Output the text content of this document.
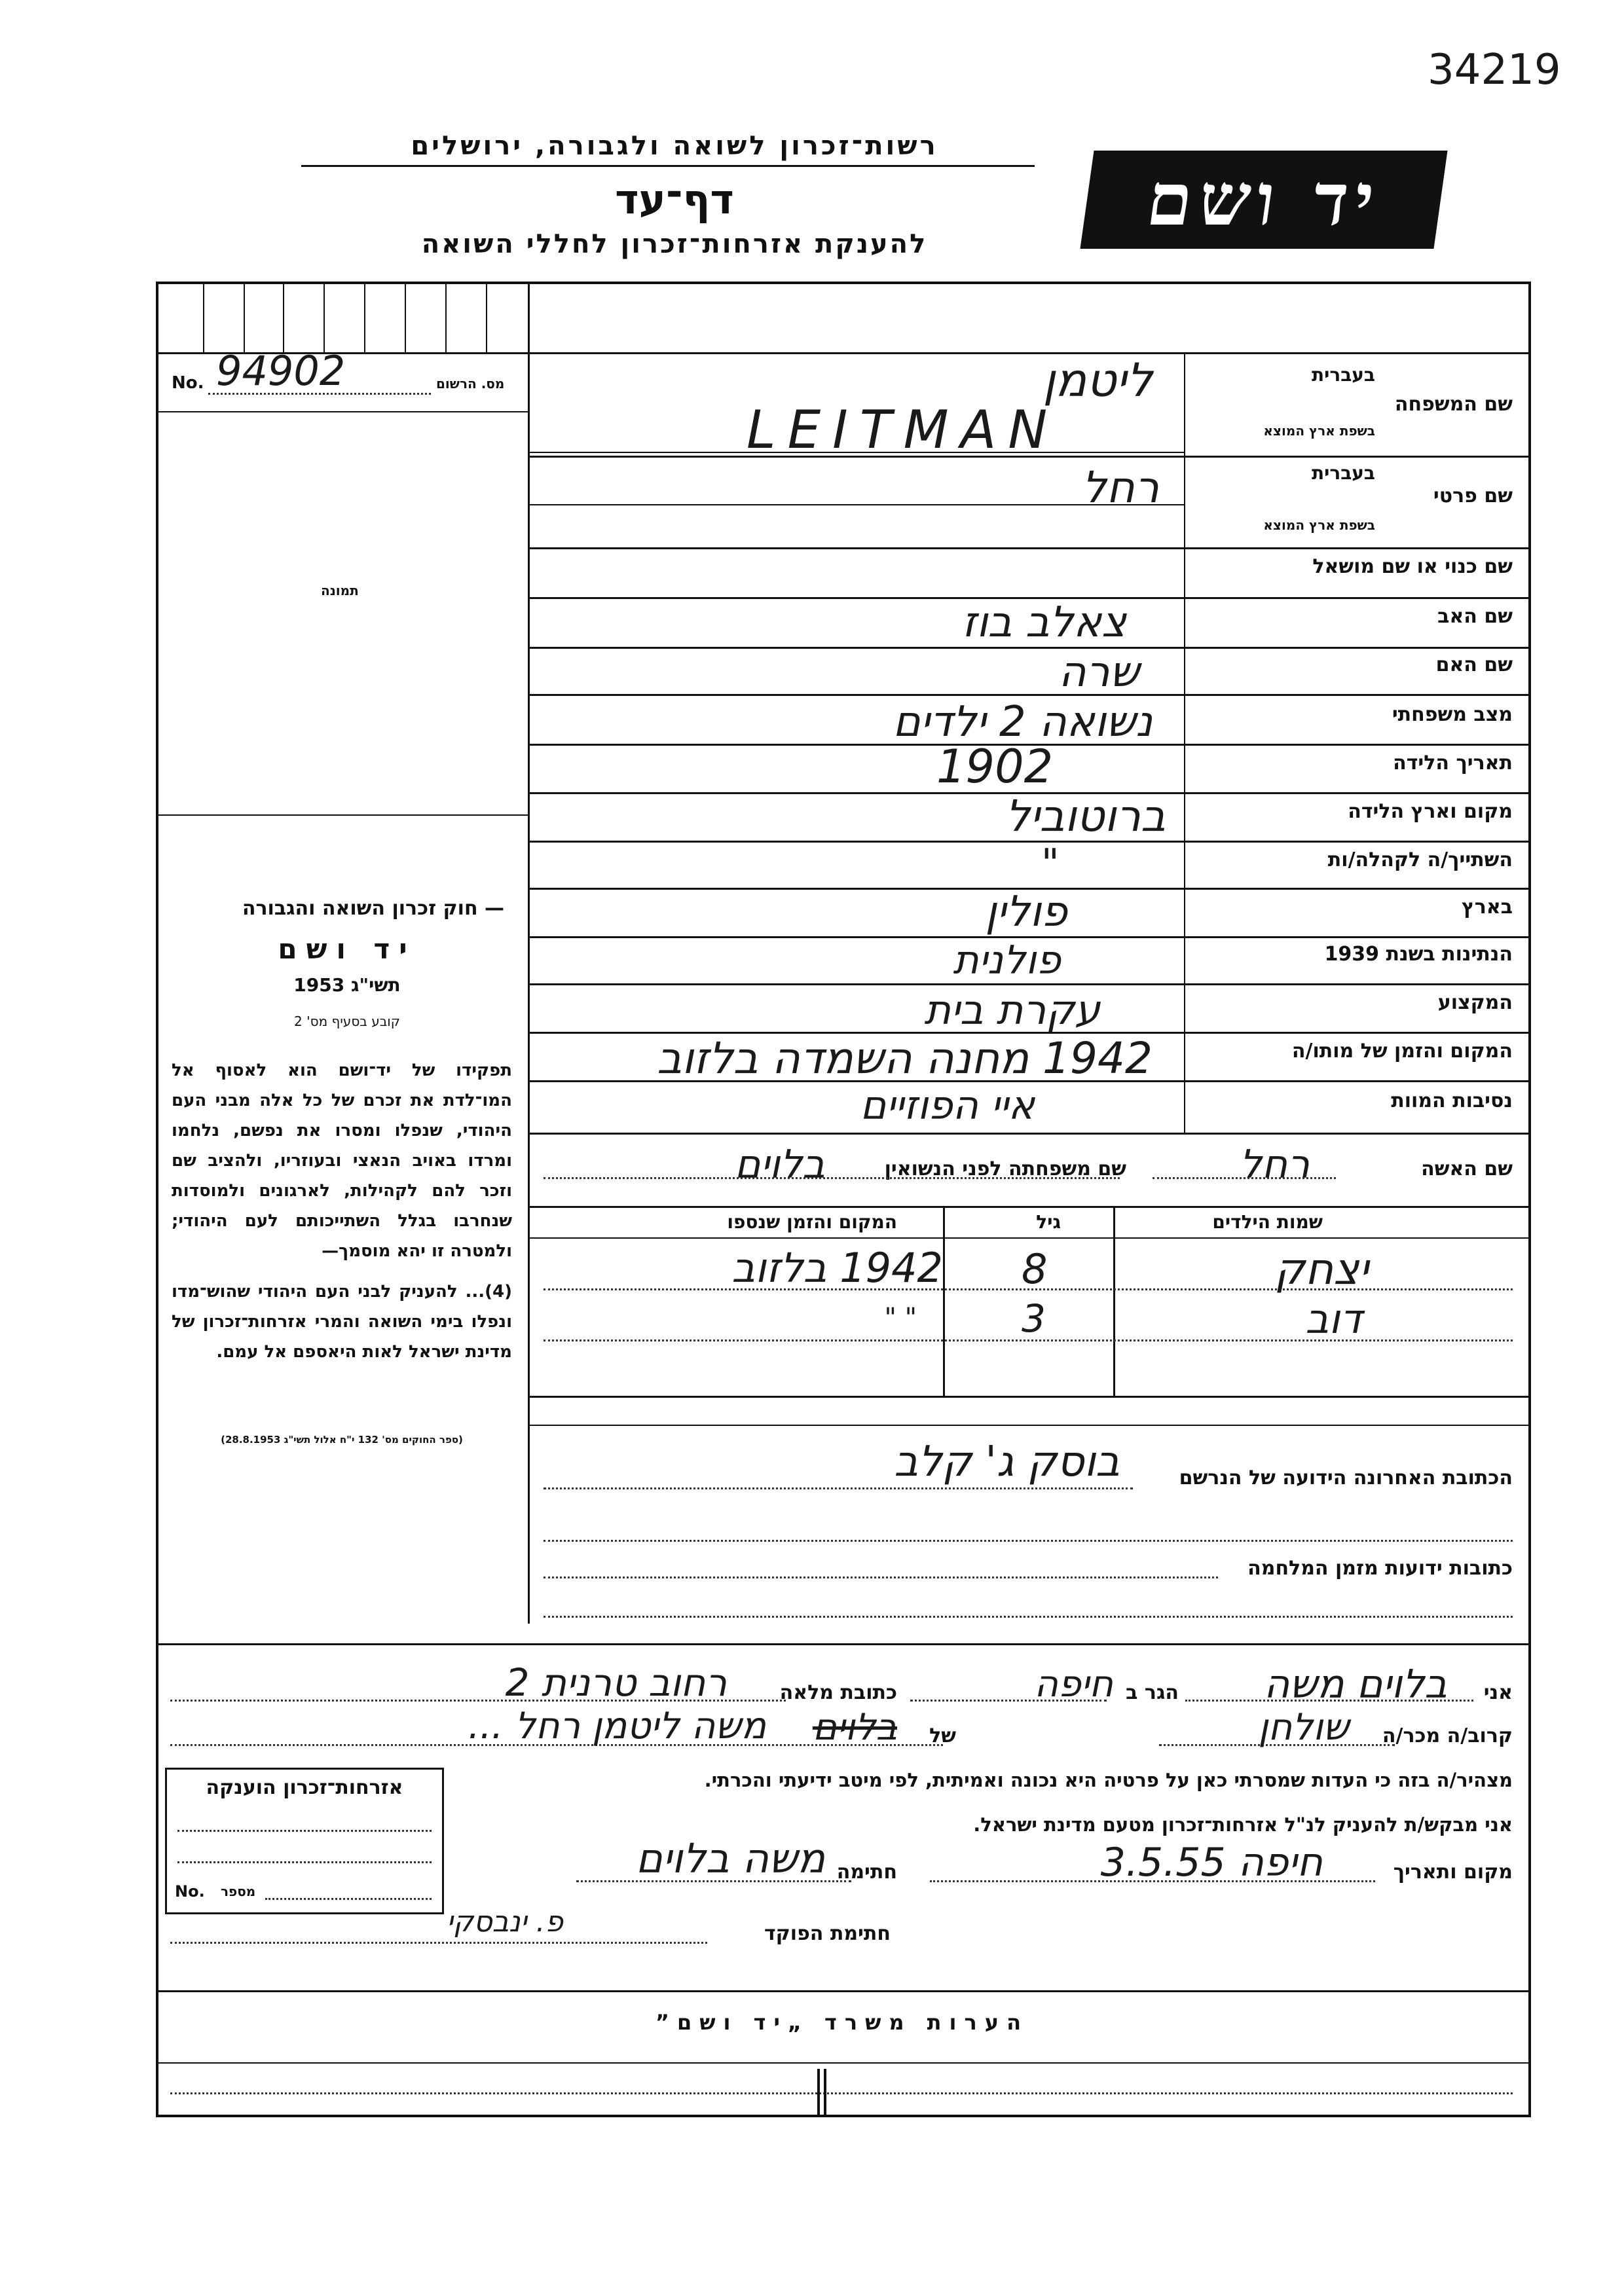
34219
רשות־זכרון לשואה ולגבורה, ירושלים
דף־עד
להענקת אזרחות־זכרון לחללי השואה
יד ושם
No. 94902	מס. הרשום
תמונה
— חוק זכרון השואה והגבורה
יד ושם
תשי"ג 1953
קובע בסעיף מס' 2
תפקידו של יד־ושם הוא לאסוף אל המו־לדת את זכרם של כל אלה מבני העם היהודי, שנפלו ומסרו את נפשם, נלחמו ומרדו באויב הנאצי ובעוזריו, ולהציב שם וזכר להם לקהילות, לארגונים ולמוסדות שנחרבו בגלל השתייכותם לעם היהודי; ולמטרה זו יהא מוסמך—
(4)... להעניק לבני העם היהודי שהוש־מדו ונפלו בימי השואה והמרי אזרחות־זכרון של מדינת ישראל לאות היאספם אל עמם.
(ספר החוקים מס' 132 י"ח אלול תשי"ג 28.8.1953)
שם המשפחה
בעברית
בשפת ארץ המוצא
שם פרטי
בעברית
בשפת ארץ המוצא
שם כנוי או שם מושאל
שם האב
שם האם
מצב משפחתי
תאריך הלידה
מקום וארץ הלידה
השתייך/ה לקהלה/ות
בארץ
הנתינות בשנת 1939
המקצוע
המקום והזמן של מותו/ה
נסיבות המוות
ליטמן
LEITMAN
רחל
צאלב בוז
שרה
נשואה 2 ילדים
1902
ברוטוביל
"
פולין
פולנית
עקרת בית
1942 מחנה השמדה בלזוב
איי הפוזיים
שם האשה
רחל
שם משפחתה לפני הנשואין
בלוים
שמות הילדים
גיל
המקום והזמן שנספו
יצחק
8
1942 בלזוב
דוב
3
" "
הכתובת האחרונה הידועה של הנרשם
בוסק ג' קלב
כתובות ידועות מזמן המלחמה
אני
בלוים משה
הגר ב
חיפה
כתובת מלאה
רחוב טרנית 2
קרוב/ה מכר/ה
שולחן
של
בלוים
משה ליטמן רחל ...
מצהיר/ה בזה כי העדות שמסרתי כאן על פרטיה היא נכונה ואמיתית, לפי מיטב ידיעתי והכרתי.
אני מבקש/ת להעניק לנ"ל אזרחות־זכרון מטעם מדינת ישראל.
מקום ותאריך
חיפה 3.5.55
חתימה
משה בלוים
חתימת הפוקד
פ. ינבסקי
אזרחות־זכרון הוענקה
No. מספר
הערות משרד „יד ושם”
